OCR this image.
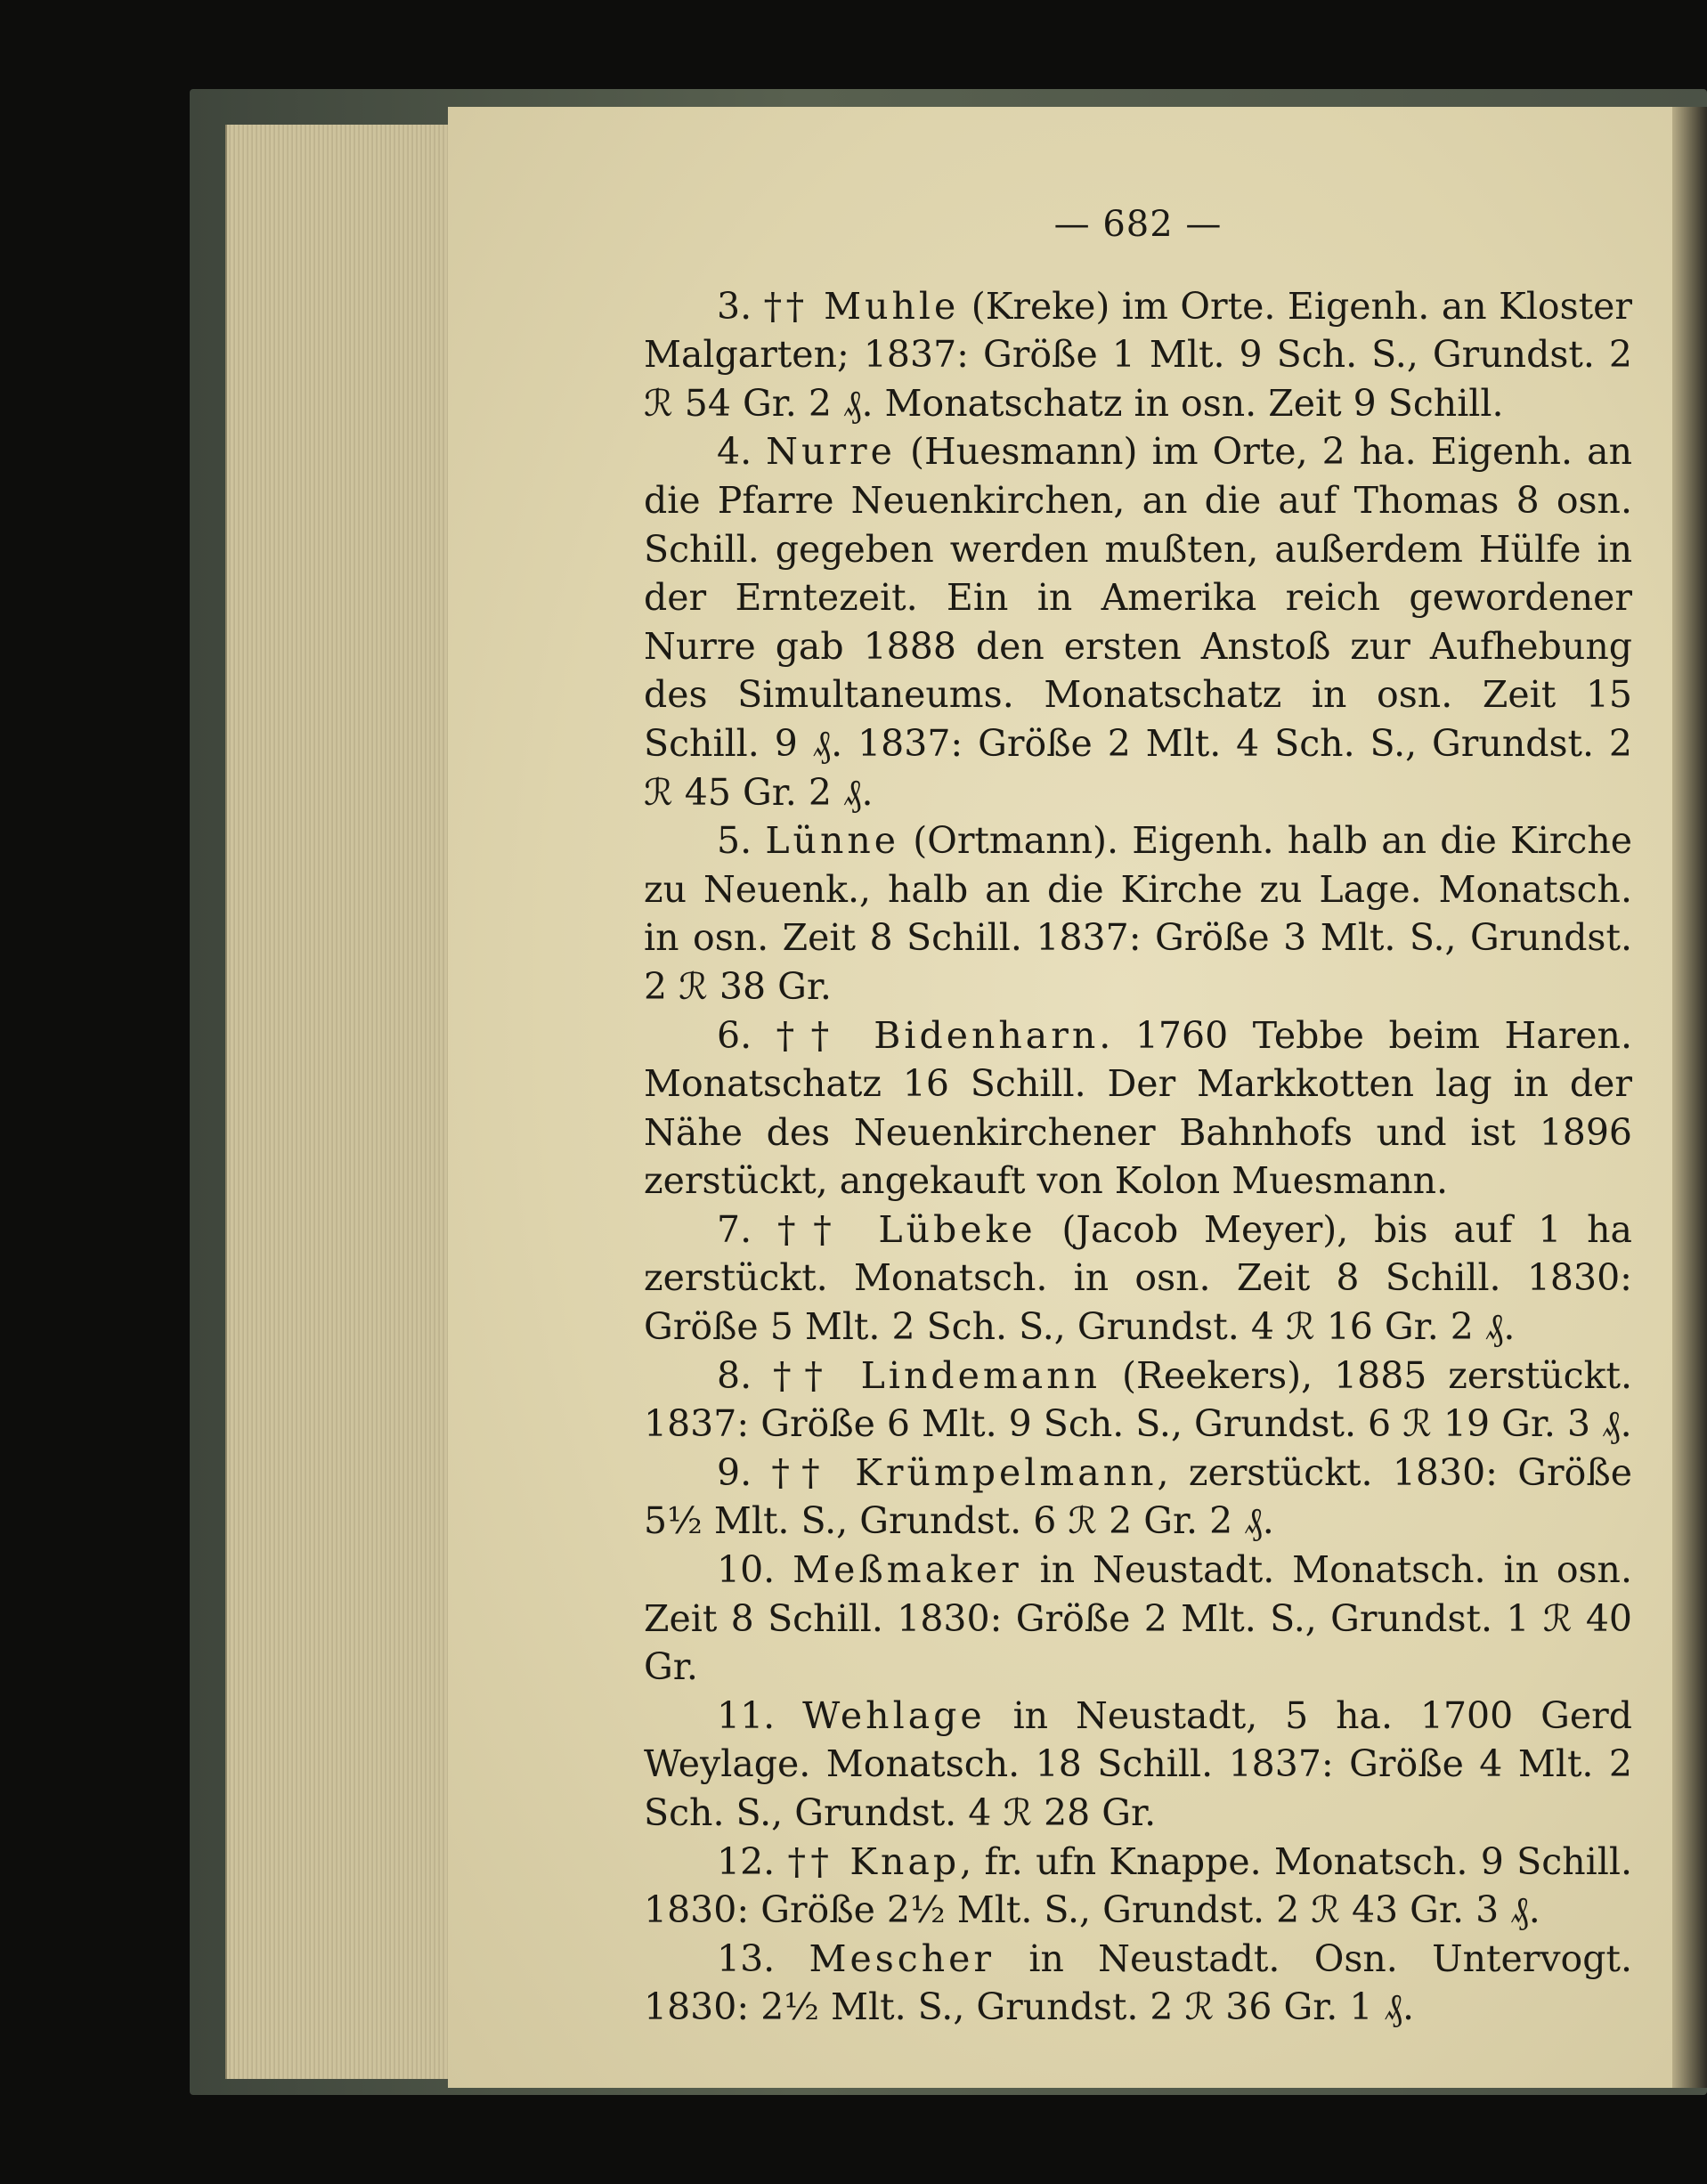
— 682 —

3. †† Muhle (Kreke) im Orte. Eigenh. an Kloster Malgarten; 1837: Größe 1 Mlt. 9 Sch. S., Grundst. 2 ℛ 54 Gr. 2 ₰. Monatschatz in osn. Zeit 9 Schill.

4. Nurre (Huesmann) im Orte, 2 ha. Eigenh. an die Pfarre Neuenkirchen, an die auf Thomas 8 osn. Schill. gegeben werden mußten, außerdem Hülfe in der Erntezeit. Ein in Amerika reich gewordener Nurre gab 1888 den ersten Anstoß zur Aufhebung des Simultaneums. Monatschatz in osn. Zeit 15 Schill. 9 ₰. 1837: Größe 2 Mlt. 4 Sch. S., Grundst. 2 ℛ 45 Gr. 2 ₰.

5. Lünne (Ortmann). Eigenh. halb an die Kirche zu Neuenk., halb an die Kirche zu Lage. Monatsch. in osn. Zeit 8 Schill. 1837: Größe 3 Mlt. S., Grundst. 2 ℛ 38 Gr.

6. †† Bidenharn. 1760 Tebbe beim Haren. Monatschatz 16 Schill. Der Markkotten lag in der Nähe des Neuenkirchener Bahnhofs und ist 1896 zerstückt, angekauft von Kolon Muesmann.

7. †† Lübeke (Jacob Meyer), bis auf 1 ha zerstückt. Monatsch. in osn. Zeit 8 Schill. 1830: Größe 5 Mlt. 2 Sch. S., Grundst. 4 ℛ 16 Gr. 2 ₰.

8. †† Lindemann (Reekers), 1885 zerstückt. 1837: Größe 6 Mlt. 9 Sch. S., Grundst. 6 ℛ 19 Gr. 3 ₰.

9. †† Krümpelmann, zerstückt. 1830: Größe 5½ Mlt. S., Grundst. 6 ℛ 2 Gr. 2 ₰.

10. Meßmaker in Neustadt. Monatsch. in osn. Zeit 8 Schill. 1830: Größe 2 Mlt. S., Grundst. 1 ℛ 40 Gr.

11. Wehlage in Neustadt, 5 ha. 1700 Gerd Weylage. Monatsch. 18 Schill. 1837: Größe 4 Mlt. 2 Sch. S., Grundst. 4 ℛ 28 Gr.

12. †† Knap, fr. ufn Knappe. Monatsch. 9 Schill. 1830: Größe 2½ Mlt. S., Grundst. 2 ℛ 43 Gr. 3 ₰.

13. Mescher in Neustadt. Osn. Untervogt. 1830: 2½ Mlt. S., Grundst. 2 ℛ 36 Gr. 1 ₰.
